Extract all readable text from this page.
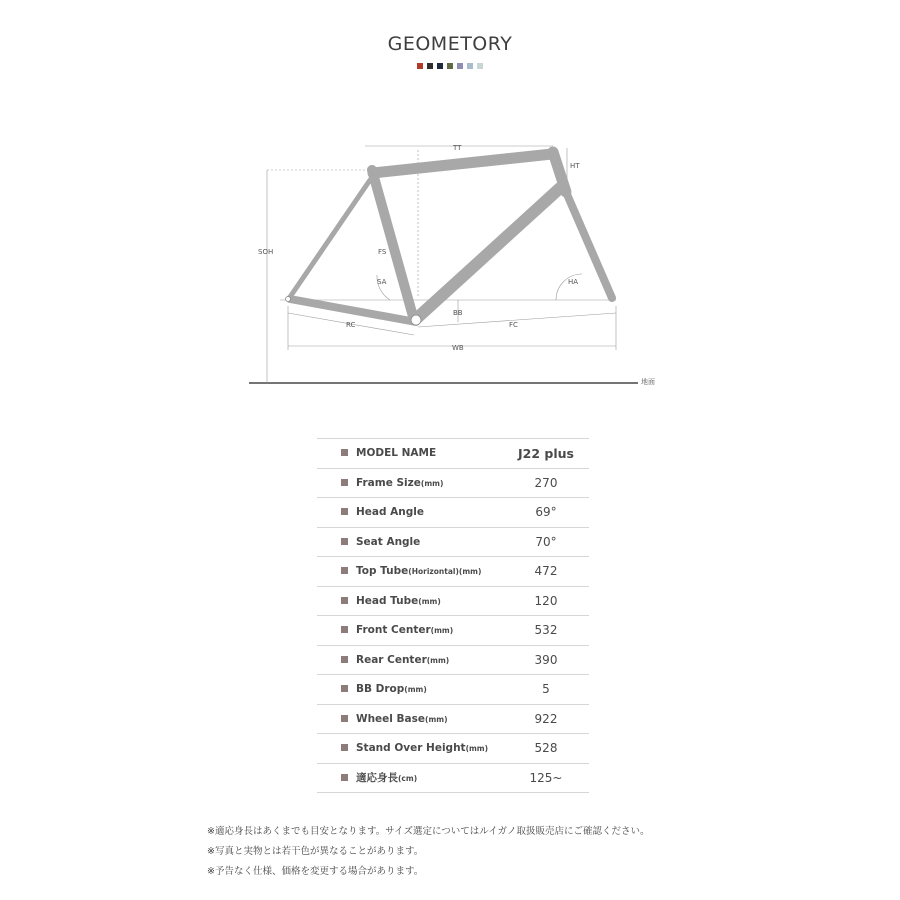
GEOMETORY
TT
HT
SOH	FS
SA	HA
BB
RC	FC
WB
地面
MODEL NAME	J22 plus
Frame Size(mm)	270
Head Angle	69°
Seat Angle	70°
Top Tube(Horizontal)(mm)	472
Head Tube(mm)	120
Front Center(mm)	532
Rear Center(mm)	390
BB Drop(mm)	5
Wheel Base(mm)	922
Stand Over Height(mm)	528
適応身長(cm)	125~
※適応身長はあくまでも目安となります。サイズ選定についてはルイガノ取扱販売店にご確認ください。
※写真と実物とは若干色が異なることがあります。
※予告なく仕様、価格を変更する場合があります。
